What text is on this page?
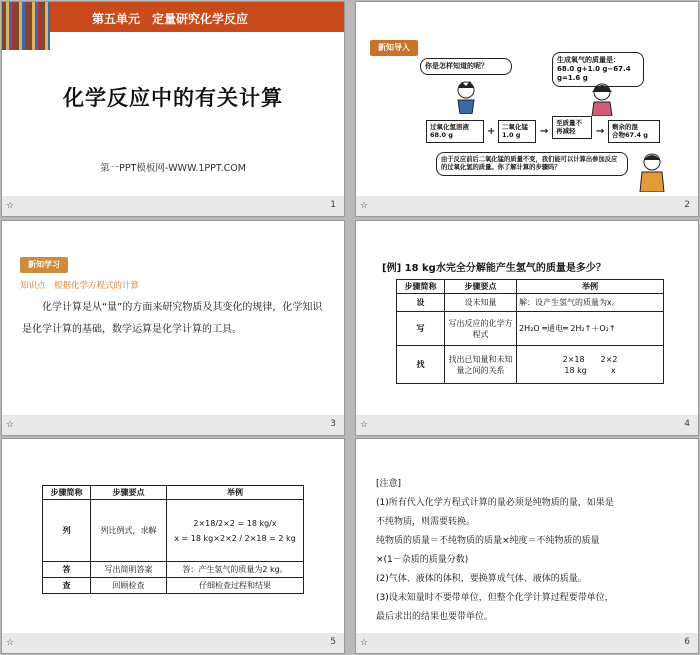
第五单元　定量研究化学反应
化学反应中的有关计算
第一PPT模板网-WWW.1PPT.COM
☆	1
新知导入
你是怎样知道的呢？
生成氧气的质量是：
68.0 g+1.0 g−67.4 g=1.6 g
过氧化氢溶液
68.0 g	+ 二氧化锰
1.0 g	→
至质量不
再减轻	→ 剩余的混
合物67.4 g
由于反应前后二氧化锰的质量不变，我们能可以计算出参加反应的过氧化氢的质量。你了解计算的步骤吗？
☆	2
新知学习
知识点　根据化学方程式的计算
化学计算是从“量”的方面来研究物质及其变化的规律，化学知识是化学计算的基础，数学运算是化学计算的工具。
☆	3
[例] 18 kg水完全分解能产生氢气的质量是多少？
步骤简称	步骤要点	举例
设	设未知量	解：设产生氢气的质量为x。
写	写出反应的化学方程式	2H₂O ═通电═ 2H₂↑＋O₂↑
找	找出已知量和未知量之间的关系	2×18　　2×2
18 kg　　　x
☆	4
步骤简称	步骤要点	举例
列	列比例式，求解	2×18/2×2 = 18 kg/x
x = 18 kg×2×2 / 2×18 = 2 kg

答	写出简明答案	答：产生氢气的质量为2 kg。
查	回顾检查	仔细检查过程和结果
☆	5
[注意]
(1)所有代入化学方程式计算的量必须是纯物质的量，如果是
不纯物质，则需要转换。
纯物质的质量＝不纯物质的质量×纯度＝不纯物质的质量
×(1－杂质的质量分数)
(2)气体、液体的体积，要换算成气体、液体的质量。
(3)设未知量时不要带单位，但整个化学计算过程要带单位，
最后求出的结果也要带单位。
☆	6
